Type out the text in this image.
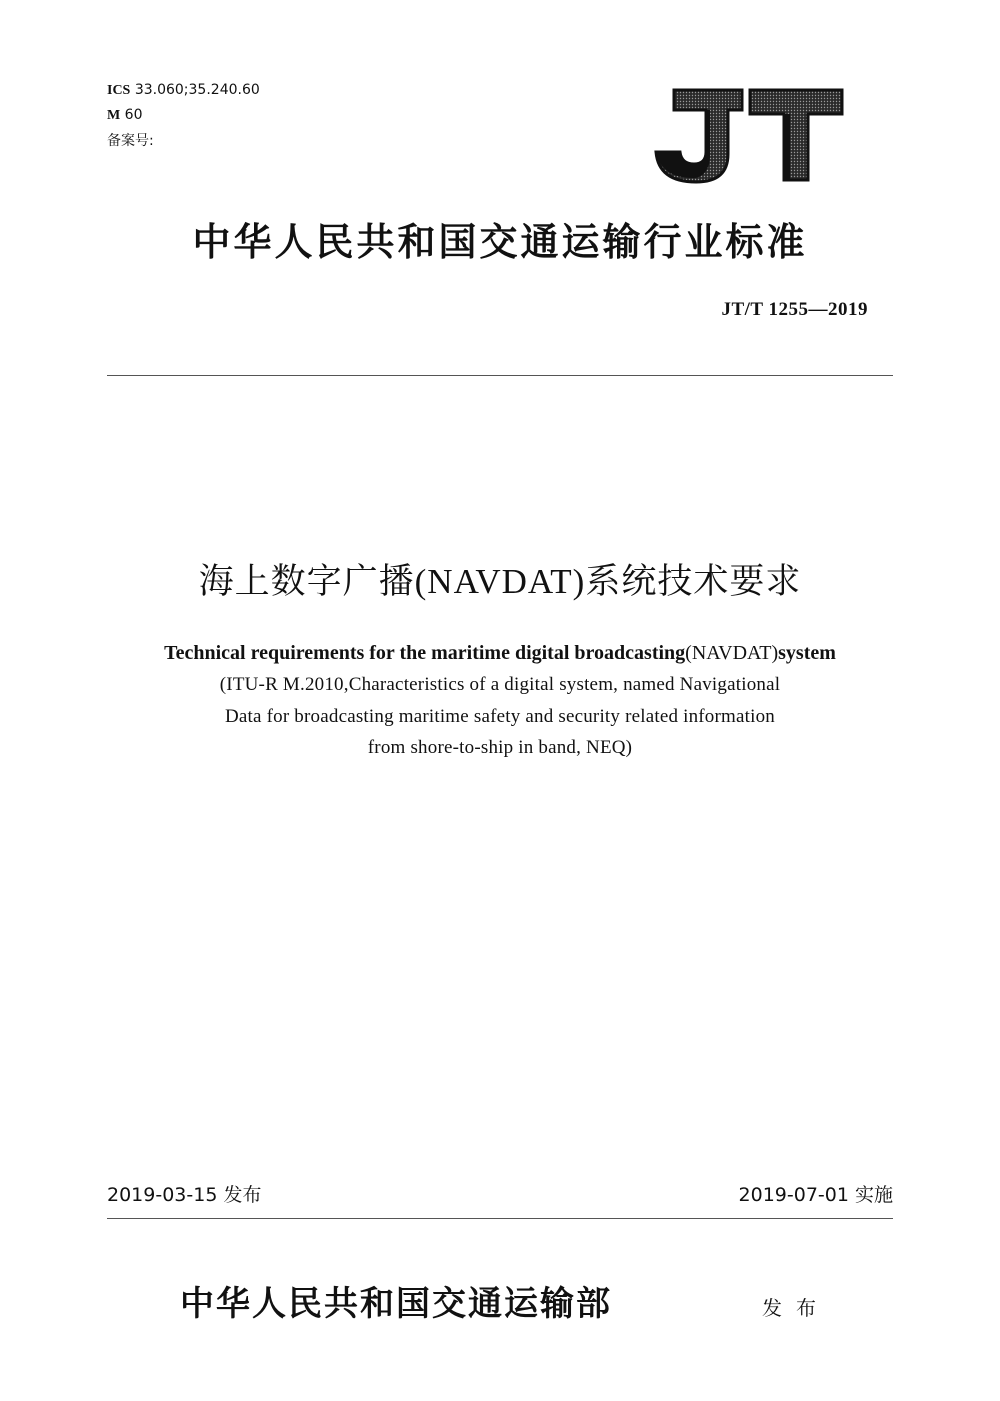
ICS 33.060;35.240.60
M 60
备案号:
中华人民共和国交通运输行业标准
JT/T 1255—2019
海上数字广播(NAVDAT)系统技术要求
Technical requirements for the maritime digital broadcasting(NAVDAT)system
(ITU-R M.2010,Characteristics of a digital system, named Navigational
Data for broadcasting maritime safety and security related information
from shore-to-ship in band, NEQ)
2019-03-15 发布	2019-07-01 实施
中华人民共和国交通运输部	发布
